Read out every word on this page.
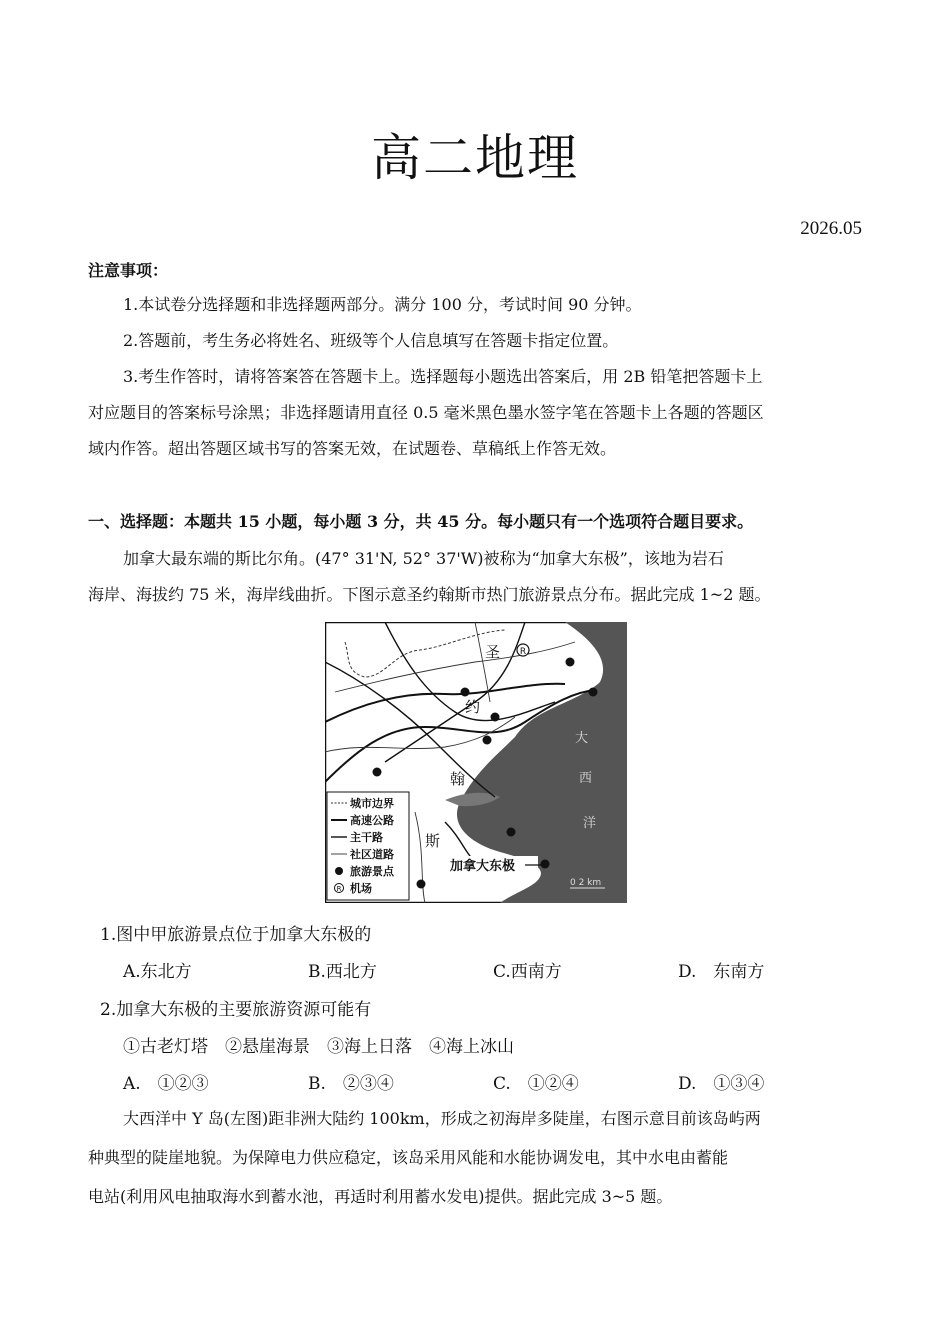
高二地理
2026.05
注意事项：
1.本试卷分选择题和非选择题两部分。满分 100 分，考试时间 90 分钟。
2.答题前，考生务必将姓名、班级等个人信息填写在答题卡指定位置。
3.考生作答时，请将答案答在答题卡上。选择题每小题选出答案后，用 2B 铅笔把答题卡上
对应题目的答案标号涂黑；非选择题请用直径 0.5 毫米黑色墨水签字笔在答题卡上各题的答题区
域内作答。超出答题区域书写的答案无效，在试题卷、草稿纸上作答无效。
一、选择题：本题共 15 小题，每小题 3 分，共 45 分。每小题只有一个选项符合题目要求。
加拿大最东端的斯比尔角。(47° 31'N, 52° 37'W)被称为“加拿大东极”，该地为岩石
海岸、海拔约 75 米，海岸线曲折。下图示意圣约翰斯市热门旅游景点分布。据此完成 1~2 题。
R
圣
约
翰
斯
大
西
洋
加拿大东极
0 2 km
城市边界
高速公路
主干路
社区道路
旅游景点
R 机场
1.图中甲旅游景点位于加拿大东极的
A.东北方	B.西北方	C.西南方	D.　东南方
2.加拿大东极的主要旅游资源可能有
①古老灯塔　②悬崖海景　③海上日落　④海上冰山
A.　①②③	B.　②③④	C.　①②④	D.　①③④
大西洋中 Y 岛(左图)距非洲大陆约 100km，形成之初海岸多陡崖，右图示意目前该岛屿两
种典型的陡崖地貌。为保障电力供应稳定，该岛采用风能和水能协调发电，其中水电由蓄能
电站(利用风电抽取海水到蓄水池，再适时利用蓄水发电)提供。据此完成 3~5 题。
